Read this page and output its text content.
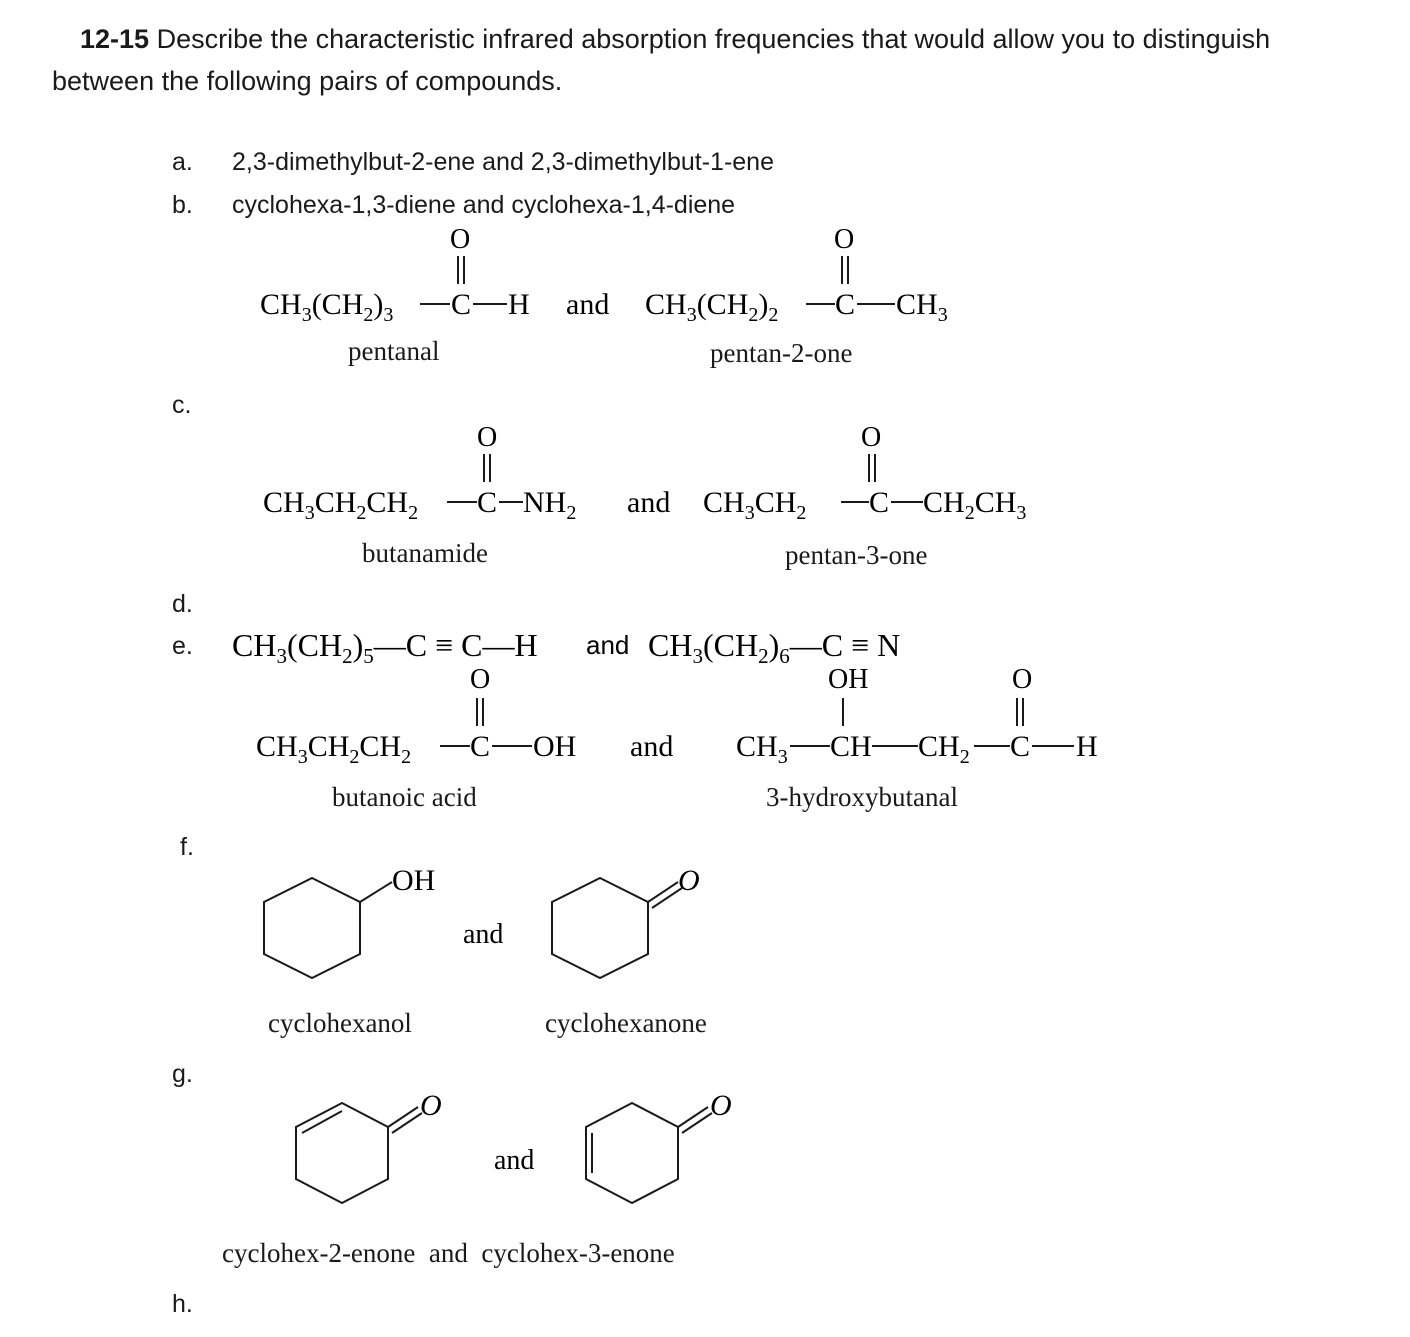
12-15 Describe the characteristic infrared absorption frequencies that would allow you to distinguish between the following pairs of compounds.
a. 2,3-dimethylbut-2-ene and 2,3-dimethylbut-1-ene
b. cyclohexa-1,3-diene and cyclohexa-1,4-diene
$CH_3(CH_2)_3$ C
O
H and $CH_3(CH_2)_2$ C
O
$CH_3$
pentanal	pentan-2-one
c.
$CH_3CH_2CH_2$ C
O
$NH_2$ and $CH_3CH_2$ C
O
$CH_2CH_3$
butanamide	pentan-3-one
d.
e. $CH_3(CH_2)_5—C$ ≡ C—H and $CH_3(CH_2)_6—C \equiv N$
$CH_3CH_2CH_2$ C
O
OH and $CH_3$ CH
OH
$CH_2$ C
O
H
butanoic acid	3-hydroxybutanal
f.
OH
and
O
cyclohexanol	cyclohexanone
g.
O
and
O
cyclohex-2-enone  and  cyclohex-3-enone
h.
